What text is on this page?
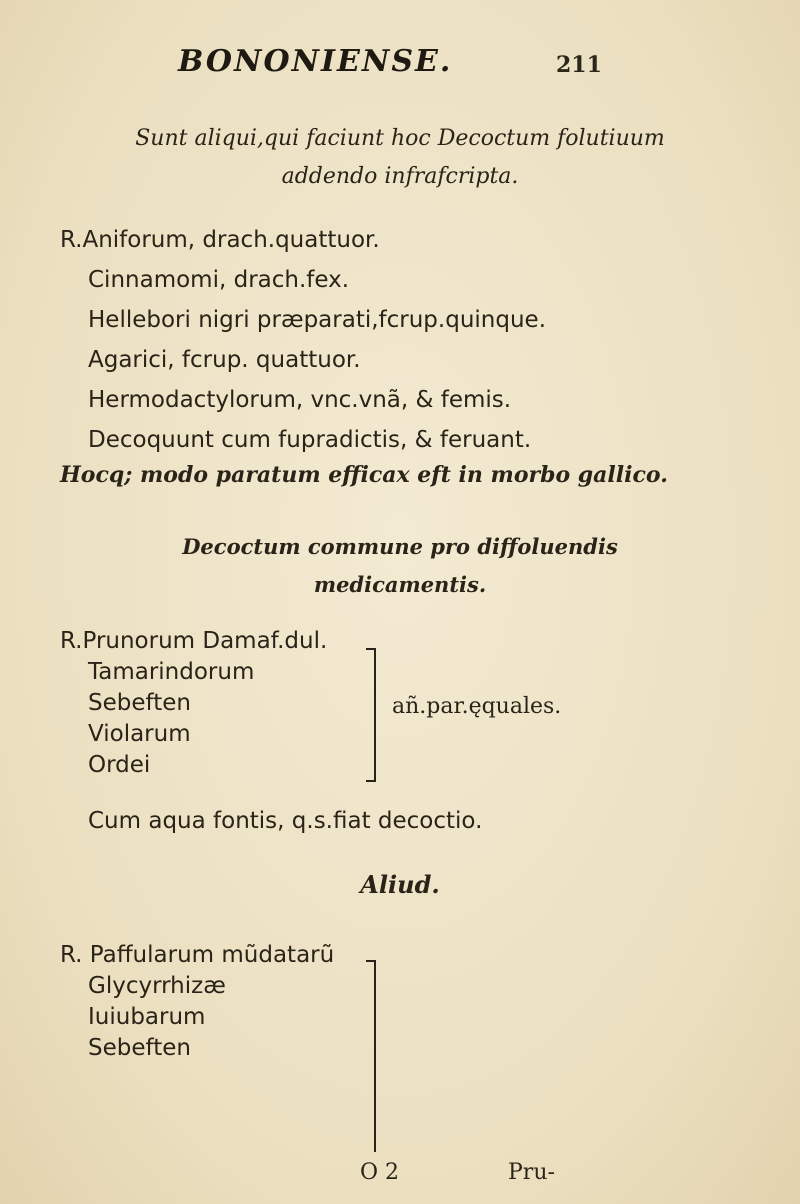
BONONIENSE.	211
Sunt aliqui,qui faciunt hoc Decoctum folutiuum
addendo infrafcripta.
R.Aniforum, drach.quattuor.
Cinnamomi, drach.fex.
Hellebori nigri præparati,fcrup.quinque.
Agarici, fcrup. quattuor.
Hermodactylorum, vnc.vnã, & femis.
Decoquunt cum fupradictis, & feruant.
Hocq; modo paratum efficax eft in morbo gallico.
Decoctum commune pro diffoluendis
medicamentis.
R.Prunorum Damaf.dul.
Tamarindorum
Sebeften
Violarum
Ordei
añ.par.ęquales.
Cum aqua fontis, q.s.fiat decoctio.
Aliud.
R. Paffularum mũdatarũ
Glycyrrhizæ
Iuiubarum
Sebeften
O 2	Pru-
